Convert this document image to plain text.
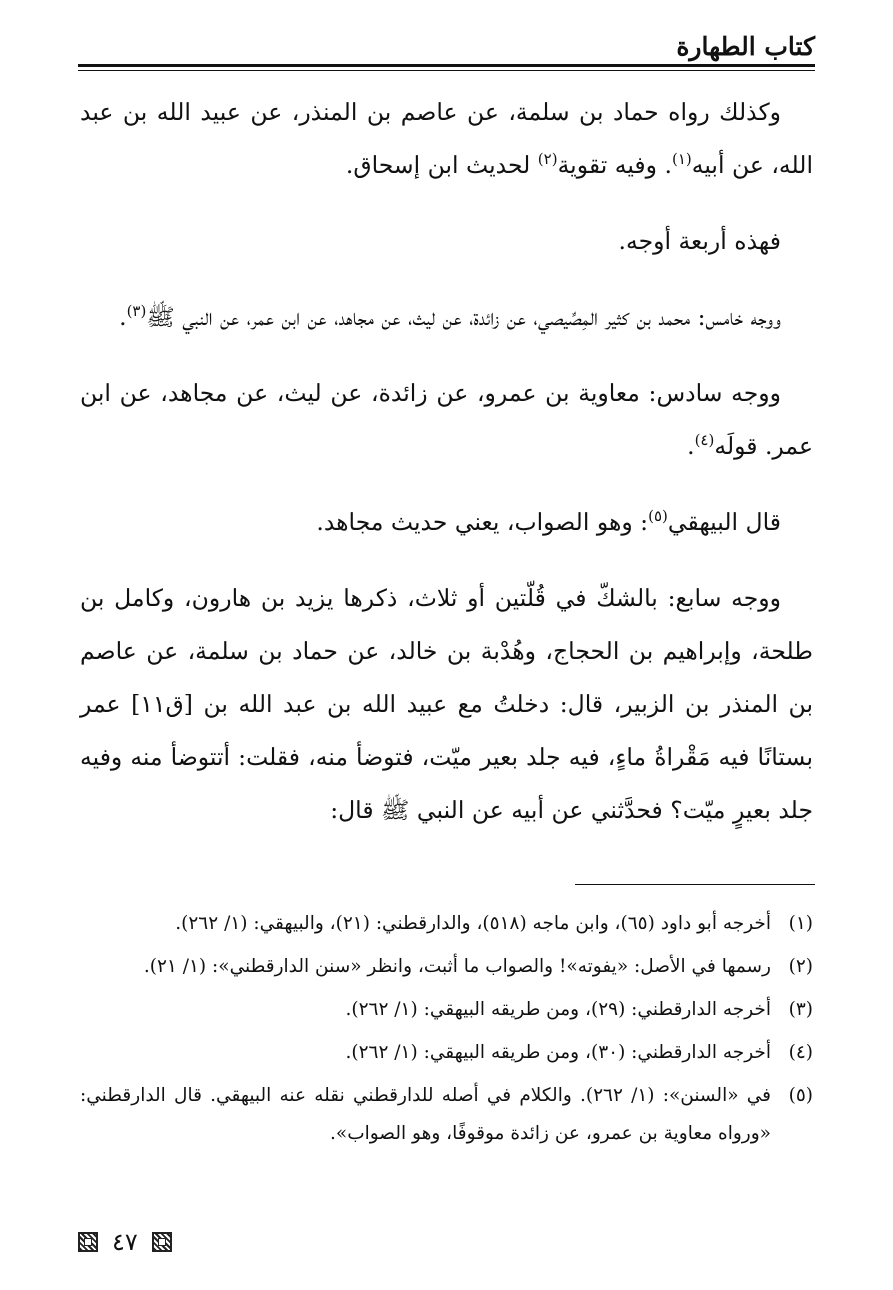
كتاب الطهارة

وكذلك رواه حماد بن سلمة، عن عاصم بن المنذر، عن عبيد الله بن عبد الله، عن أبيه$^{(١)}$. وفيه تقوية$^{(٢)}$ لحديث ابن إسحاق.

فهذه أربعة أوجه.

ووجه خامس: محمد بن كثير المِصِّيصي، عن زائدة، عن ليث، عن مجاهد، عن ابن عمر، عن النبي ﷺ$^{(٣)}$.

ووجه سادس: معاوية بن عمرو، عن زائدة، عن ليث، عن مجاهد، عن ابن عمر. قولَه$^{(٤)}$.

قال البيهقي$^{(٥)}$: وهو الصواب، يعني حديث مجاهد.

ووجه سابع: بالشكّ في قُلّتين أو ثلاث، ذكرها يزيد بن هارون، وكامل بن طلحة، وإبراهيم بن الحجاج، وهُدْبة بن خالد، عن حماد بن سلمة، عن عاصم بن المنذر بن الزبير، قال: دخلتُ مع عبيد الله بن عبد الله بن [ق١١] عمر بستانًا فيه مَقْراةُ ماءٍ، فيه جلد بعير ميّت، فتوضأ منه، فقلت: أتتوضأ منه وفيه جلد بعيرٍ ميّت؟ فحدَّثني عن أبيه عن النبي ﷺ قال:

(١)
أخرجه أبو داود (٦٥)، وابن ماجه (٥١٨)، والدارقطني: (٢١)، والبيهقي: (١/ ٢٦٢).
(٢)
رسمها في الأصل: «يفوته»! والصواب ما أثبت، وانظر «سنن الدارقطني»: (١/ ٢١).
(٣)
أخرجه الدارقطني: (٢٩)، ومن طريقه البيهقي: (١/ ٢٦٢).
(٤)
أخرجه الدارقطني: (٣٠)، ومن طريقه البيهقي: (١/ ٢٦٢).
(٥)
في «السنن»: (١/ ٢٦٢). والكلام في أصله للدارقطني نقله عنه البيهقي. قال الدارقطني: «ورواه معاوية بن عمرو، عن زائدة موقوفًا، وهو الصواب».
٤٧
